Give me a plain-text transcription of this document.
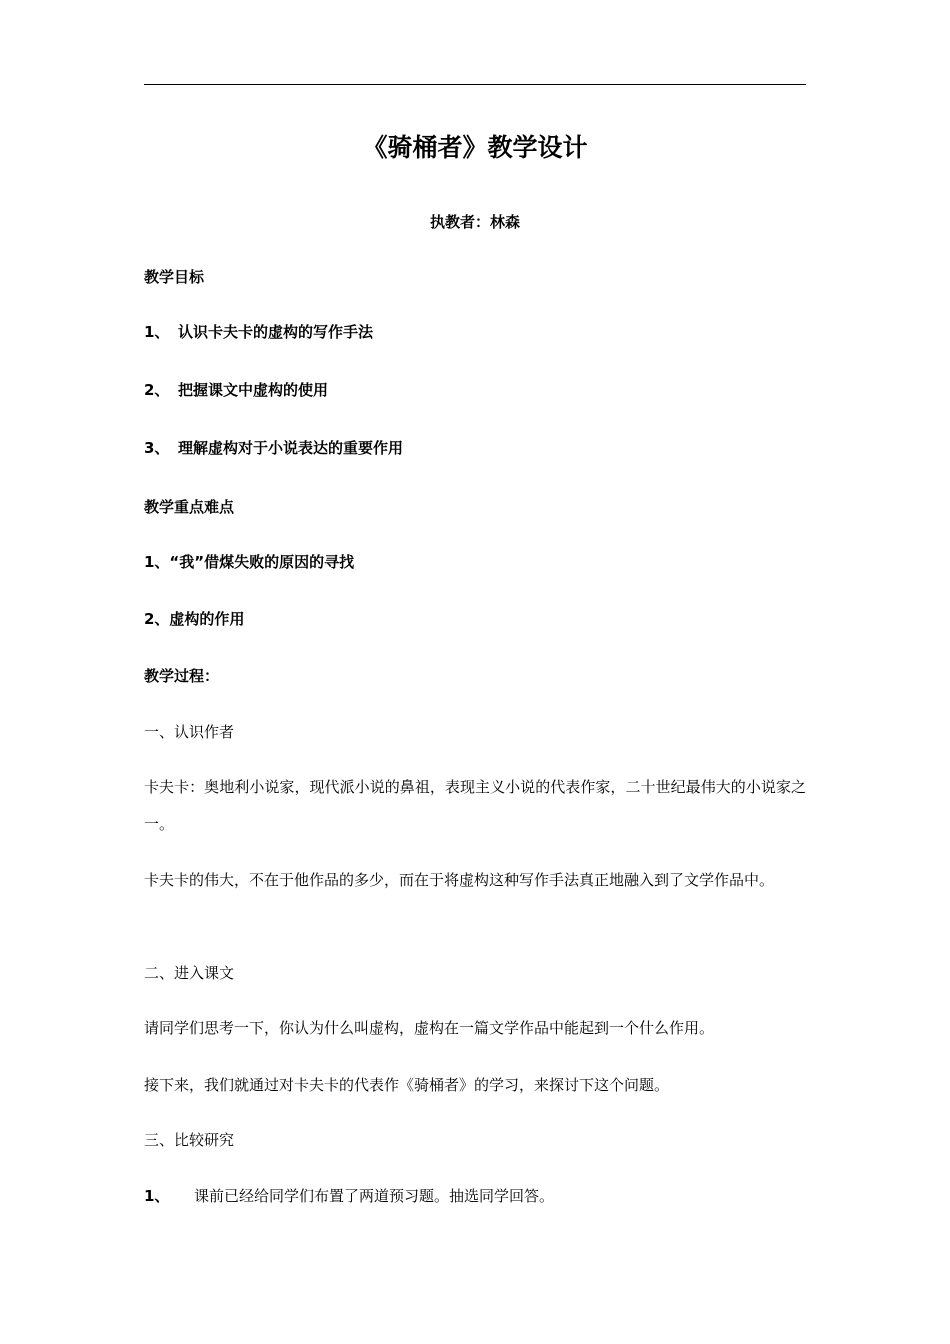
《骑桶者》教学设计
执教者：林森
教学目标
1、 认识卡夫卡的虚构的写作手法
2、 把握课文中虚构的使用
3、 理解虚构对于小说表达的重要作用
教学重点难点
1、“我”借煤失败的原因的寻找
2、虚构的作用
教学过程：
一、认识作者
卡夫卡：奥地利小说家，现代派小说的鼻祖，表现主义小说的代表作家，二十世纪最伟大的小说家之一。
卡夫卡的伟大，不在于他作品的多少，而在于将虚构这种写作手法真正地融入到了文学作品中。
二、进入课文
请同学们思考一下，你认为什么叫虚构，虚构在一篇文学作品中能起到一个什么作用。
接下来，我们就通过对卡夫卡的代表作《骑桶者》的学习，来探讨下这个问题。
三、比较研究
1、 课前已经给同学们布置了两道预习题。抽选同学回答。
